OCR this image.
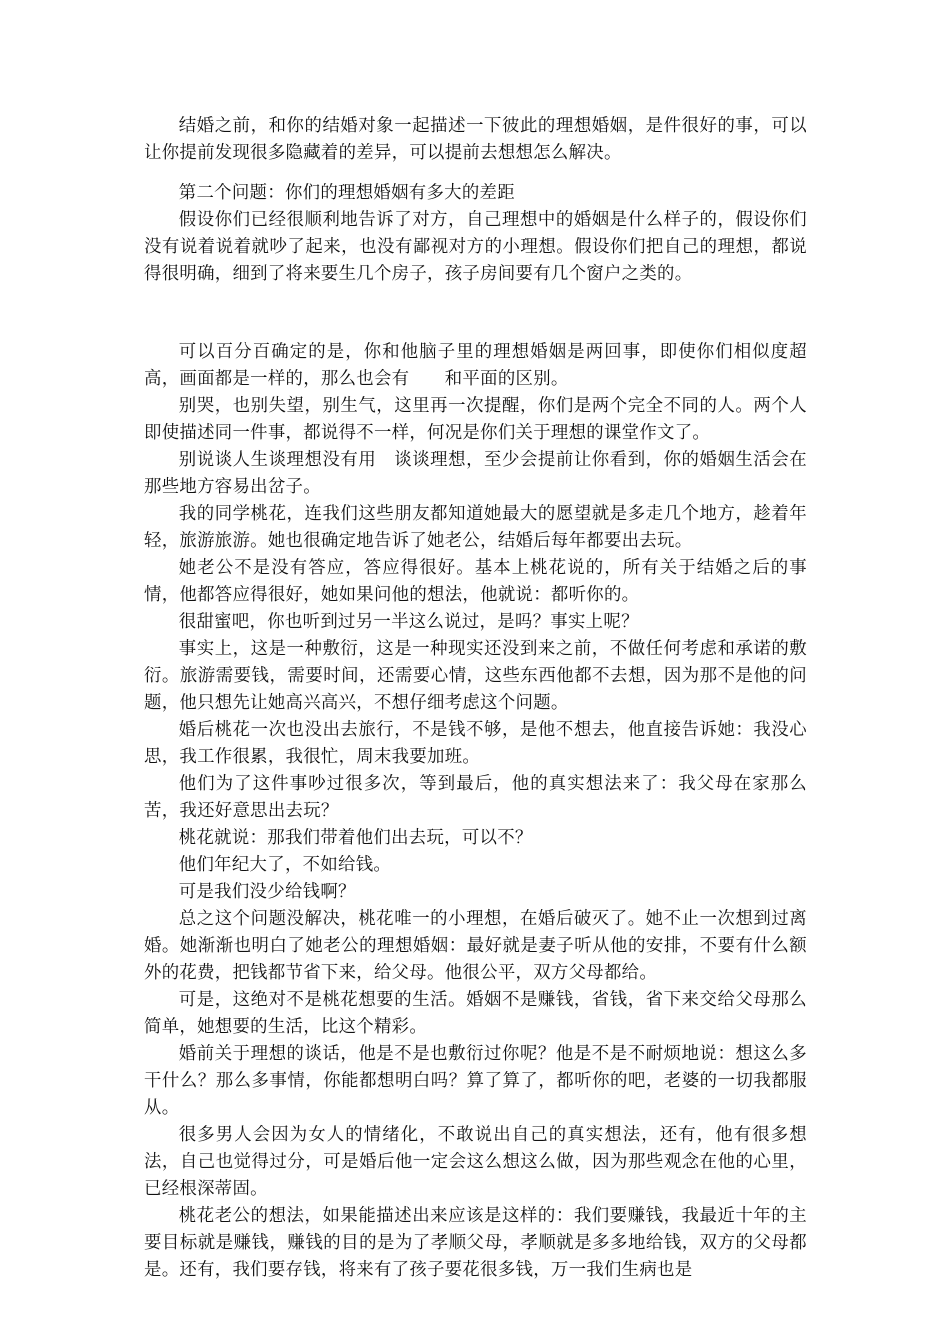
结婚之前，和你的结婚对象一起描述一下彼此的理想婚姻，是件很好的事，可以让你提前发现很多隐藏着的差异，可以提前去想想怎么解决。

第二个问题：你们的理想婚姻有多大的差距

假设你们已经很顺利地告诉了对方，自己理想中的婚姻是什么样子的，假设你们没有说着说着就吵了起来，也没有鄙视对方的小理想。假设你们把自己的理想，都说得很明确，细到了将来要生几个房子，孩子房间要有几个窗户之类的。

可以百分百确定的是，你和他脑子里的理想婚姻是两回事，即使你们相似度超高，画面都是一样的，那么也会有　　和平面的区别。

别哭，也别失望，别生气，这里再一次提醒，你们是两个完全不同的人。两个人即使描述同一件事，都说得不一样，何况是你们关于理想的课堂作文了。

别说谈人生谈理想没有用　谈谈理想，至少会提前让你看到，你的婚姻生活会在那些地方容易出岔子。

我的同学桃花，连我们这些朋友都知道她最大的愿望就是多走几个地方，趁着年轻，旅游旅游。她也很确定地告诉了她老公，结婚后每年都要出去玩。

她老公不是没有答应，答应得很好。基本上桃花说的，所有关于结婚之后的事情，他都答应得很好，她如果问他的想法，他就说：都听你的。

很甜蜜吧，你也听到过另一半这么说过，是吗？事实上呢？

事实上，这是一种敷衍，这是一种现实还没到来之前，不做任何考虑和承诺的敷衍。旅游需要钱，需要时间，还需要心情，这些东西他都不去想，因为那不是他的问题，他只想先让她高兴高兴，不想仔细考虑这个问题。

婚后桃花一次也没出去旅行，不是钱不够，是他不想去，他直接告诉她：我没心思，我工作很累，我很忙，周末我要加班。

他们为了这件事吵过很多次，等到最后，他的真实想法来了：我父母在家那么苦，我还好意思出去玩？

桃花就说：那我们带着他们出去玩，可以不？

他们年纪大了，不如给钱。

可是我们没少给钱啊？

总之这个问题没解决，桃花唯一的小理想，在婚后破灭了。她不止一次想到过离婚。她渐渐也明白了她老公的理想婚姻：最好就是妻子听从他的安排，不要有什么额外的花费，把钱都节省下来，给父母。他很公平，双方父母都给。

可是，这绝对不是桃花想要的生活。婚姻不是赚钱，省钱，省下来交给父母那么简单，她想要的生活，比这个精彩。

婚前关于理想的谈话，他是不是也敷衍过你呢？他是不是不耐烦地说：想这么多干什么？那么多事情，你能都想明白吗？算了算了，都听你的吧，老婆的一切我都服从。

很多男人会因为女人的情绪化，不敢说出自己的真实想法，还有，他有很多想法，自己也觉得过分，可是婚后他一定会这么想这么做，因为那些观念在他的心里，已经根深蒂固。

桃花老公的想法，如果能描述出来应该是这样的：我们要赚钱，我最近十年的主要目标就是赚钱，赚钱的目的是为了孝顺父母，孝顺就是多多地给钱，双方的父母都是。还有，我们要存钱，将来有了孩子要花很多钱，万一我们生病也是
